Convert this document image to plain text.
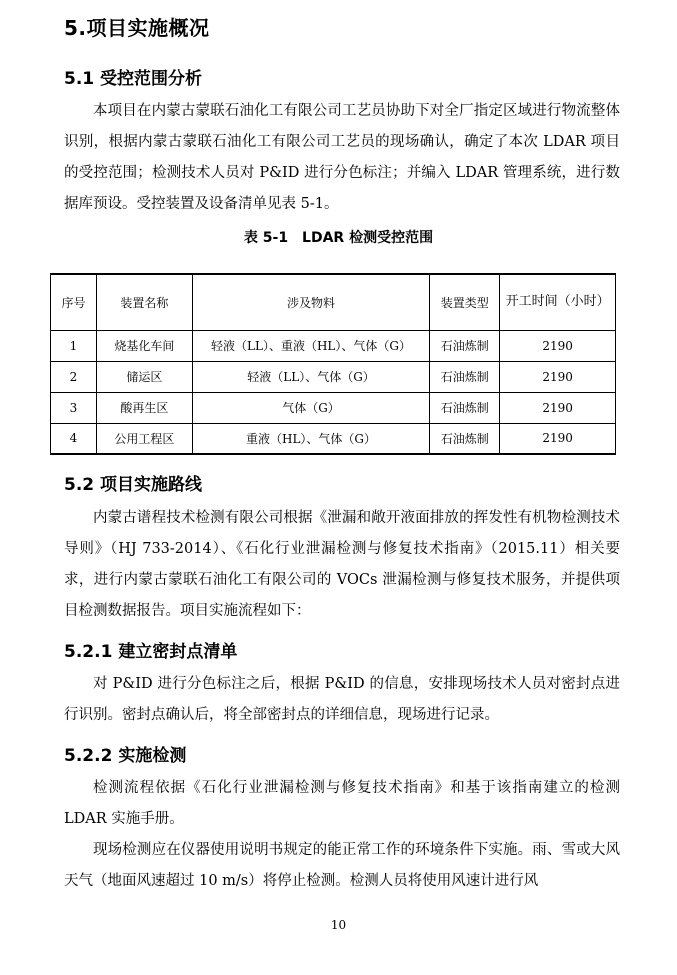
5.项目实施概况
5.1 受控范围分析

本项目在内蒙古蒙联石油化工有限公司工艺员协助下对全厂指定区域进行物流整体识别，根据内蒙古蒙联石油化工有限公司工艺员的现场确认，确定了本次 LDAR 项目的受控范围；检测技术人员对 P&ID 进行分色标注；并编入 LDAR 管理系统，进行数据库预设。受控装置及设备清单见表 5-1。

表 5-1　LDAR 检测受控范围
序号	装置名称	涉及物料	装置类型	开工时间（小时）
1	烧基化车间	轻液（LL）、重液（HL）、气体（G）	石油炼制	2190
2	储运区	轻液（LL）、气体（G）	石油炼制	2190
3	酸再生区	气体（G）	石油炼制	2190
4	公用工程区	重液（HL）、气体（G）	石油炼制	2190
5.2 项目实施路线

内蒙古谱程技术检测有限公司根据《泄漏和敞开液面排放的挥发性有机物检测技术导则》（HJ 733-2014）、《石化行业泄漏检测与修复技术指南》（2015.11）相关要求，进行内蒙古蒙联石油化工有限公司的 VOCs 泄漏检测与修复技术服务，并提供项目检测数据报告。项目实施流程如下：

5.2.1 建立密封点清单

对 P&ID 进行分色标注之后，根据 P&ID 的信息，安排现场技术人员对密封点进行识别。密封点确认后，将全部密封点的详细信息，现场进行记录。

5.2.2 实施检测

检测流程依据《石化行业泄漏检测与修复技术指南》和基于该指南建立的检测 LDAR 实施手册。

现场检测应在仪器使用说明书规定的能正常工作的环境条件下实施。雨、雪或大风天气（地面风速超过 10 m/s）将停止检测。检测人员将使用风速计进行风

10
